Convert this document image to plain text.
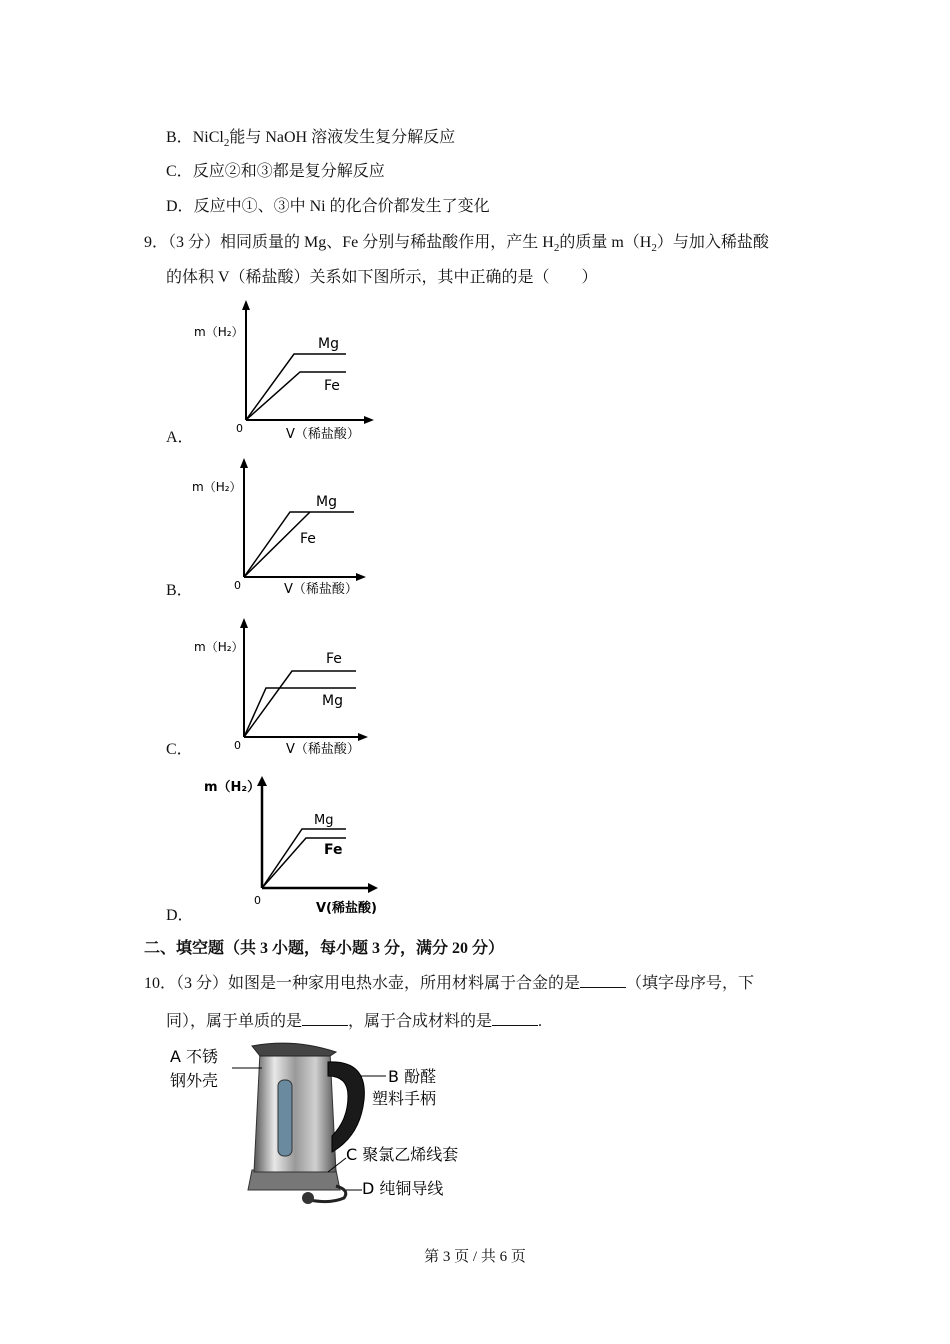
B．NiCl$_2$能与 NaOH 溶液发生复分解反应
C．反应②和③都是复分解反应
D．反应中①、③中 Ni 的化合价都发生了变化
9．（3 分）相同质量的 Mg、Fe 分别与稀盐酸作用，产生 $H_2$的质量 $m(H_2)$与加入稀盐酸
的体积 V（稀盐酸）关系如下图所示，其中正确的是（　　）
A．
m（H₂）
0	V（稀盐酸）
Mg
Fe
B．
m（H₂）
0	V（稀盐酸）
Mg
Fe
C．
m（H₂）
0	V（稀盐酸）
Fe
Mg
D．
m（H₂）
0
V(稀盐酸)
Mg
Fe
二、填空题（共 3 小题，每小题 3 分，满分 20 分）
10．（3 分）如图是一种家用电热水壶，所用材料属于合金的是	（填字母序号，下
同），属于单质的是	，属于合成材料的是	.
A 不锈
钢外壳	B 酚醛
塑料手柄
C 聚氯乙烯线套
D 纯铜导线
第 3 页 / 共 6 页
